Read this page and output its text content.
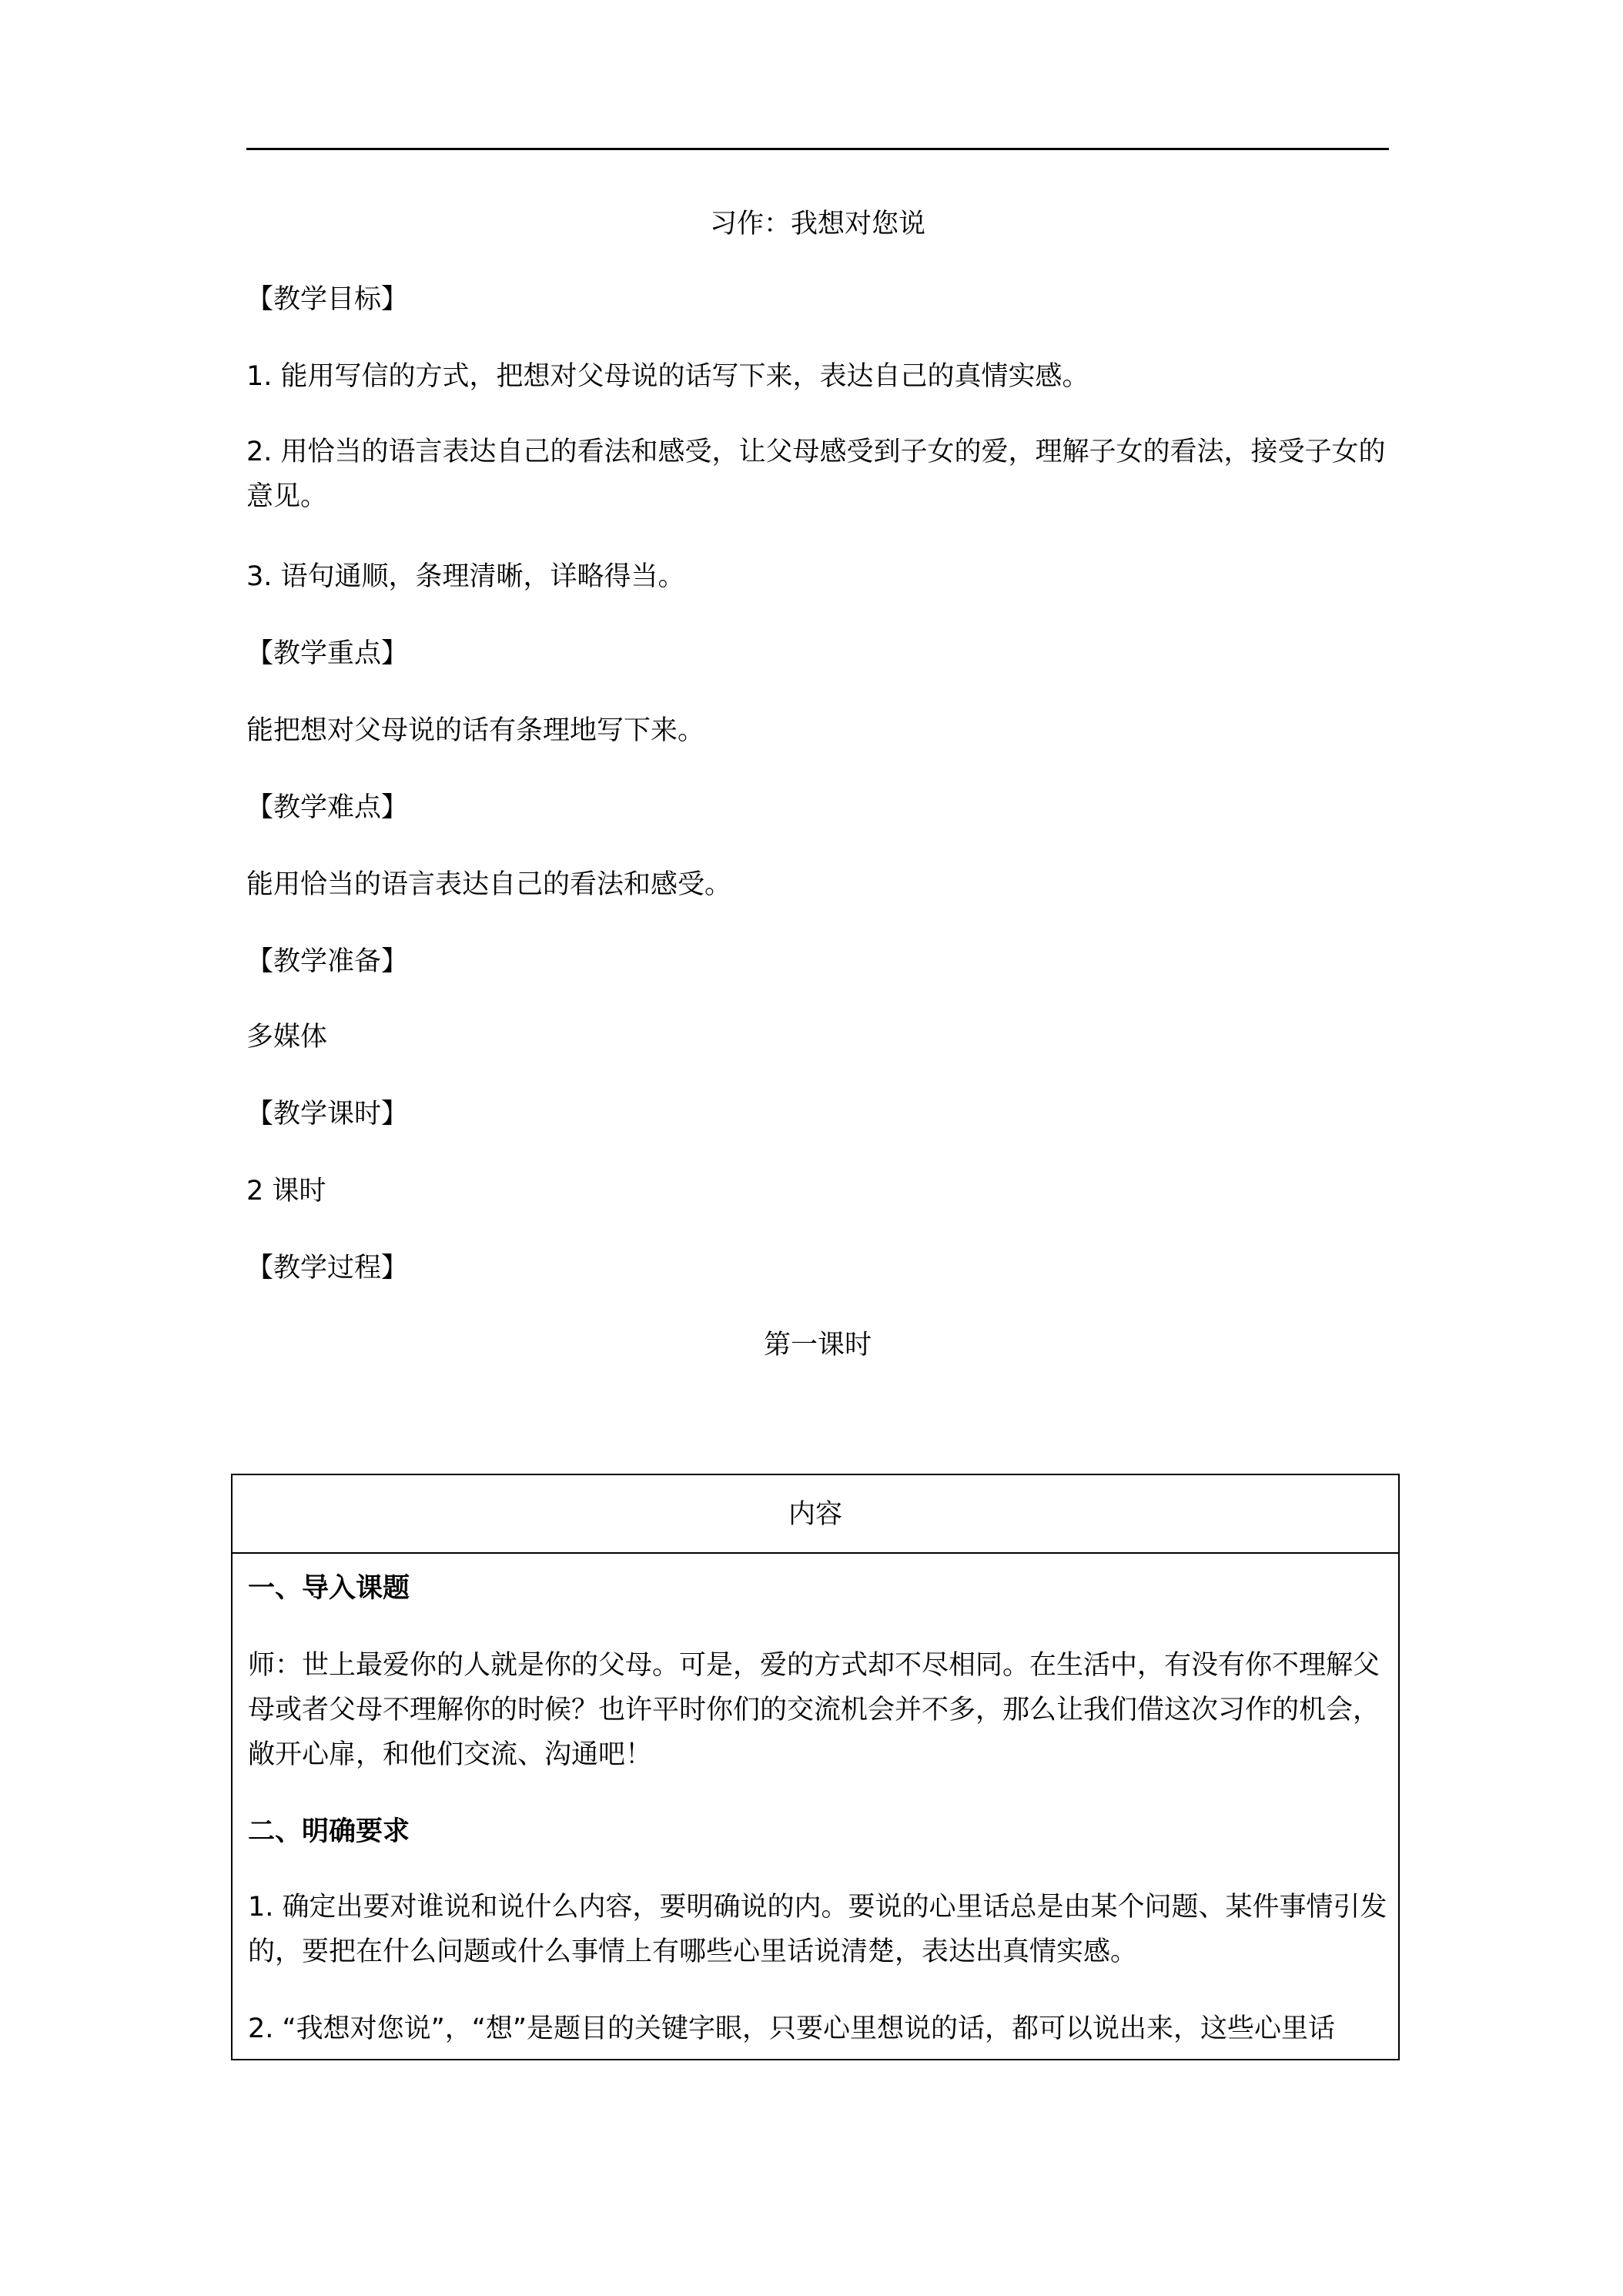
习作：我想对您说
【教学目标】
1. 能用写信的方式，把想对父母说的话写下来，表达自己的真情实感。
2. 用恰当的语言表达自己的看法和感受，让父母感受到子女的爱，理解子女的看法，接受子女的意见。
3. 语句通顺，条理清晰，详略得当。
【教学重点】
能把想对父母说的话有条理地写下来。
【教学难点】
能用恰当的语言表达自己的看法和感受。
【教学准备】
多媒体
【教学课时】
2 课时
【教学过程】
第一课时
内容
一、导入课题
师：世上最爱你的人就是你的父母。可是，爱的方式却不尽相同。在生活中，有没有你不理解父母或者父母不理解你的时候？也许平时你们的交流机会并不多，那么让我们借这次习作的机会，敞开心扉，和他们交流、沟通吧！
二、明确要求
1. 确定出要对谁说和说什么内容，要明确说的内。要说的心里话总是由某个问题、某件事情引发的，要把在什么问题或什么事情上有哪些心里话说清楚，表达出真情实感。
2. “我想对您说”，“想”是题目的关键字眼，只要心里想说的话，都可以说出来，这些心里话
